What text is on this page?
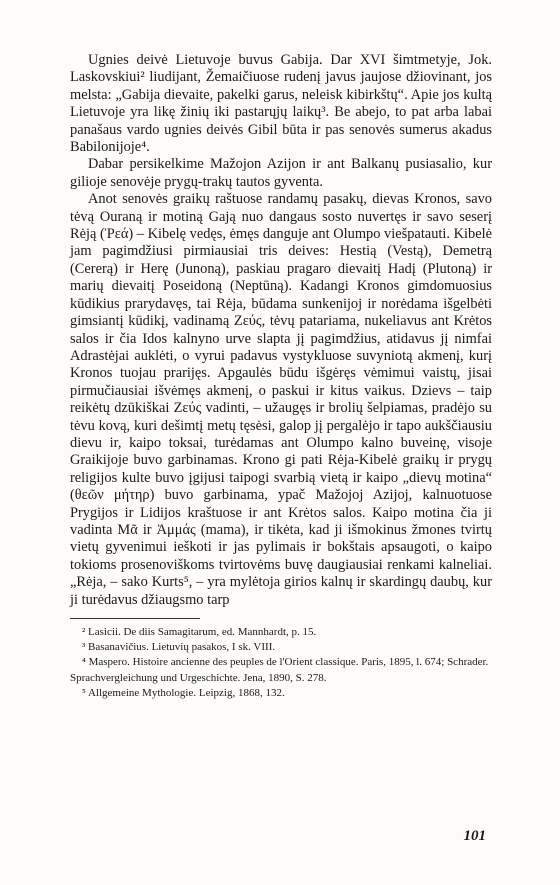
Ugnies deivė Lietuvoje buvus Gabija. Dar XVI šimtmetyje, Jok. Laskovskiui² liudijant, Žemaičiuose rudenį javus jaujose džiovinant, jos melsta: „Gabija dievaite, pakelki garus, neleisk kibirkštų“. Apie jos kultą Lietuvoje yra likę žinių iki pastarųjų laikų³. Be abejo, to pat arba labai panašaus vardo ugnies deivės Gibil būta ir pas senovės sumerus akadus Babilonijoje⁴.

Dabar persikelkime Mažojon Azijon ir ant Balkanų pusiasalio, kur gilioje senovėje prygų-trakų tautos gyventa.

Anot senovės graikų raštuose randamų pasakų, dievas Kronos, savo tėvą Ouraną ir motiną Gają nuo dangaus sosto nuvertęs ir savo seserį Rėją (Ῥεά) – Kibelę vedęs, ėmęs danguje ant Olumpo viešpatauti. Kibelė jam pagimdžiusi pirmiausiai tris deives: Hestią (Vestą), Demetrą (Cererą) ir Herę (Junoną), paskiau pragaro dievaitį Hadį (Plutoną) ir marių dievaitį Poseidoną (Neptūną). Kadangi Kronos gimdomuosius kūdikius prarydavęs, tai Rėja, būdama sunkenijoj ir norėdama išgelbėti gimsiantį kūdikį, vadinamą Ζεύς, tėvų patariama, nukeliavus ant Krėtos salos ir čia Idos kalnyno urve slapta jį pagimdžius, atidavus jį nimfai Adrastėjai auklėti, o vyrui padavus vystykluose suvyniotą akmenį, kurį Kronos tuojau prarijęs. Apgaulės būdu išgėręs vėmimui vaistų, jisai pirmučiausiai išvėmęs akmenį, o paskui ir kitus vaikus. Dzievs – taip reikėtų dzūkiškai Ζεύς vadinti, – užaugęs ir brolių šelpiamas, pradėjo su tėvu kovą, kuri dešimtį metų tęsėsi, galop jį pergalėjo ir tapo aukščiausiu dievu ir, kaipo toksai, turėdamas ant Olumpo kalno buveinę, visoje Graikijoje buvo garbinamas. Krono gi pati Rėja-Kibelė graikų ir prygų religijos kulte buvo įgijusi taipogi svarbią vietą ir kaipo „dievų motina“ (θεῶν μήτηρ) buvo garbinama, ypač Mažojoj Azijoj, kalnuotuose Prygijos ir Lidijos kraštuose ir ant Krėtos salos. Kaipo motina čia ji vadinta Μᾶ ir Ἀμμάς (mama), ir tikėta, kad ji išmokinus žmones tvirtų vietų gyvenimui ieškoti ir jas pylimais ir bokštais apsaugoti, o kaipo tokioms prosenoviškoms tvirtovėms buvę daugiausiai renkami kalneliai. „Rėja, – sako Kurts⁵, – yra mylėtoja girios kalnų ir skardingų daubų, kur ji turėdavus džiaugsmo tarp

² Lasicii. De diis Samagitarum, ed. Mannhardt, p. 15.

³ Basanavičius. Lietuvių pasakos, I sk. VIII.

⁴ Maspero. Histoire ancienne des peuples de l'Orient classique. Paris, 1895, l. 674; Schrader. Sprachvergleichung und Urgeschichte. Jena, 1890, S. 278.

⁵ Allgemeine Mythologie. Leipzig, 1868, 132.

101
